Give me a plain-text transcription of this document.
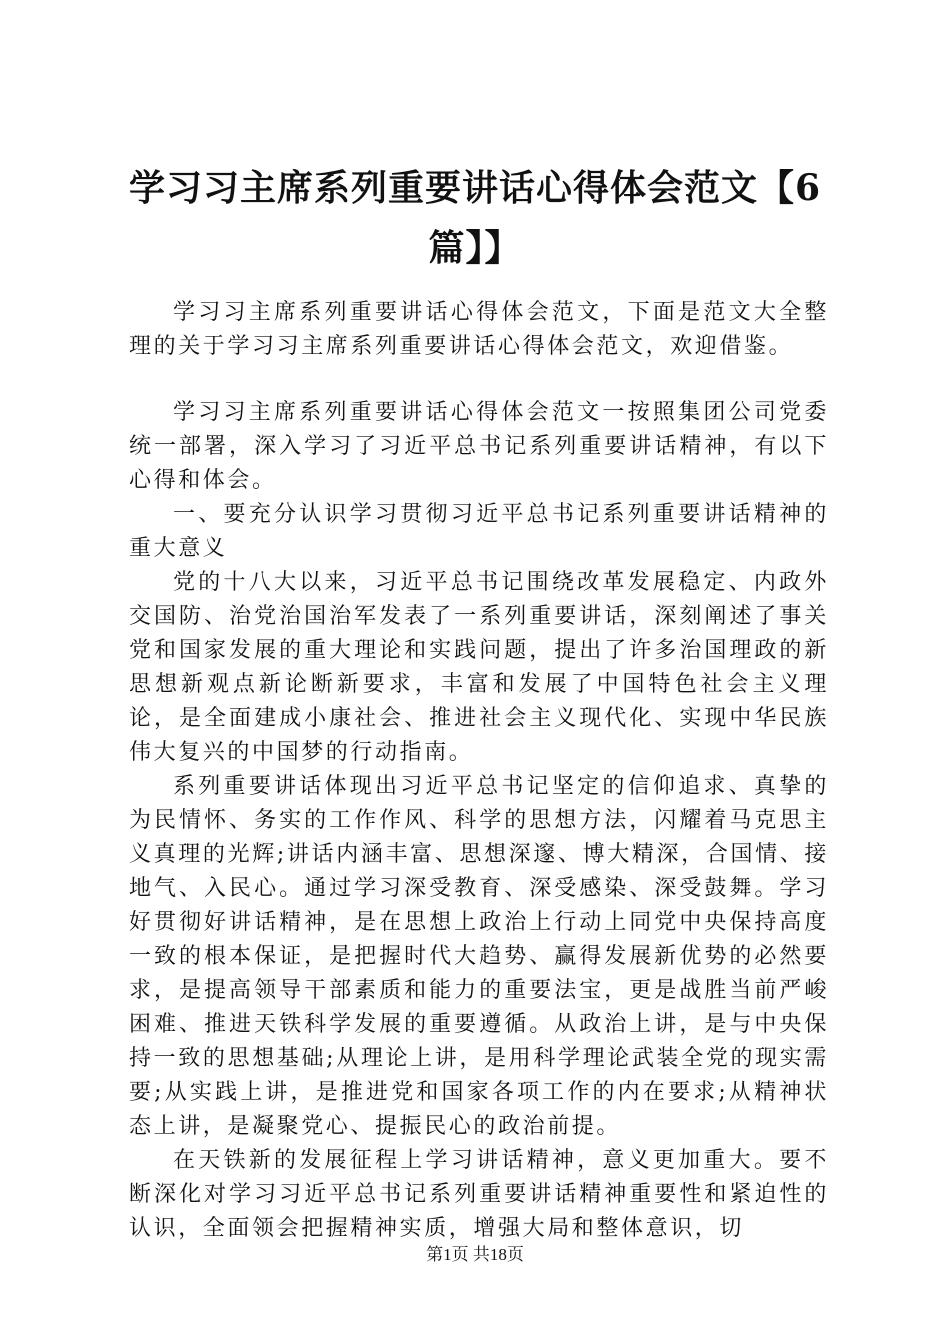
学习习主席系列重要讲话心得体会范文【6篇】】

学习习主席系列重要讲话心得体会范文，下面是范文大全整理的关于学习习主席系列重要讲话心得体会范文，欢迎借鉴。

学习习主席系列重要讲话心得体会范文一按照集团公司党委统一部署，深入学习了习近平总书记系列重要讲话精神，有以下心得和体会。

一、要充分认识学习贯彻习近平总书记系列重要讲话精神的重大意义

党的十八大以来，习近平总书记围绕改革发展稳定、内政外交国防、治党治国治军发表了一系列重要讲话，深刻阐述了事关党和国家发展的重大理论和实践问题，提出了许多治国理政的新思想新观点新论断新要求，丰富和发展了中国特色社会主义理论，是全面建成小康社会、推进社会主义现代化、实现中华民族伟大复兴的中国梦的行动指南。

系列重要讲话体现出习近平总书记坚定的信仰追求、真挚的为民情怀、务实的工作作风、科学的思想方法，闪耀着马克思主义真理的光辉;讲话内涵丰富、思想深邃、博大精深，合国情、接地气、入民心。通过学习深受教育、深受感染、深受鼓舞。学习好贯彻好讲话精神，是在思想上政治上行动上同党中央保持高度一致的根本保证，是把握时代大趋势、赢得发展新优势的必然要求，是提高领导干部素质和能力的重要法宝，更是战胜当前严峻困难、推进天铁科学发展的重要遵循。从政治上讲，是与中央保持一致的思想基础;从理论上讲，是用科学理论武装全党的现实需要;从实践上讲，是推进党和国家各项工作的内在要求;从精神状态上讲，是凝聚党心、提振民心的政治前提。

在天铁新的发展征程上学习讲话精神，意义更加重大。要不断深化对学习习近平总书记系列重要讲话精神重要性和紧迫性的认识，全面领会把握精神实质，增强大局和整体意识，切

第1页 共18页
